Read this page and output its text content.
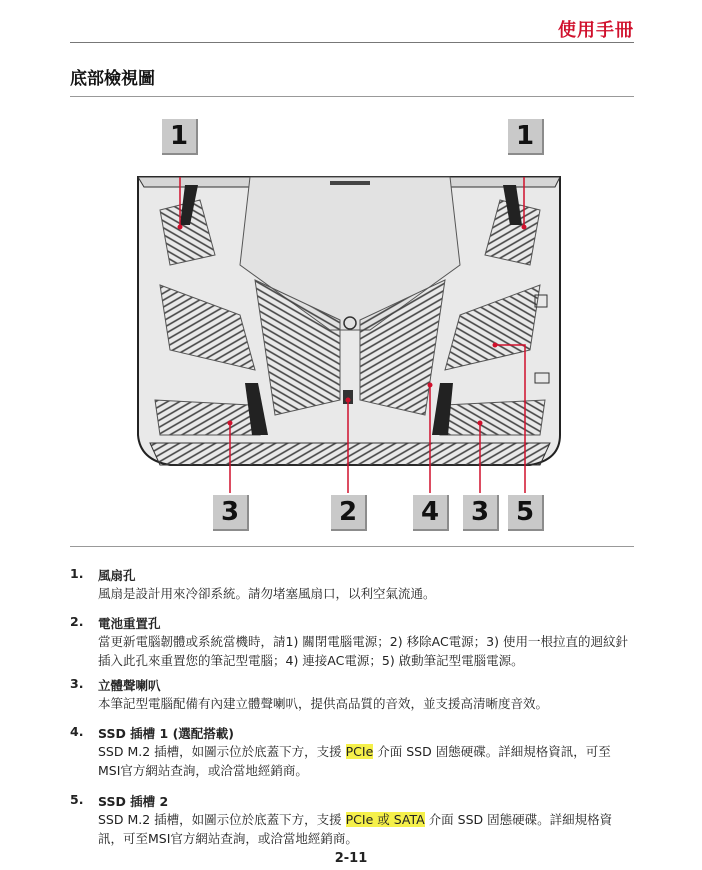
使用手冊
底部檢視圖
1	1
3	2	4	3	5
1. 風扇孔
風扇是設計用來冷卻系統。請勿堵塞風扇口，以利空氣流通。
2. 電池重置孔
當更新電腦韌體或系統當機時，請1) 關閉電腦電源；2) 移除AC電源；3) 使用一根拉直的迴紋針插入此孔來重置您的筆記型電腦；4) 連接AC電源；5) 啟動筆記型電腦電源。
3. 立體聲喇叭
本筆記型電腦配備有內建立體聲喇叭，提供高品質的音效，並支援高清晰度音效。
4. SSD 插槽 1 (選配搭載)
SSD M.2 插槽，如圖示位於底蓋下方，支援 PCIe 介面 SSD 固態硬碟。詳細規格資訊，可至MSI官方網站查詢，或洽當地經銷商。
5. SSD 插槽 2
SSD M.2 插槽，如圖示位於底蓋下方，支援 PCIe 或 SATA 介面 SSD 固態硬碟。詳細規格資訊，可至MSI官方網站查詢，或洽當地經銷商。
2-11
